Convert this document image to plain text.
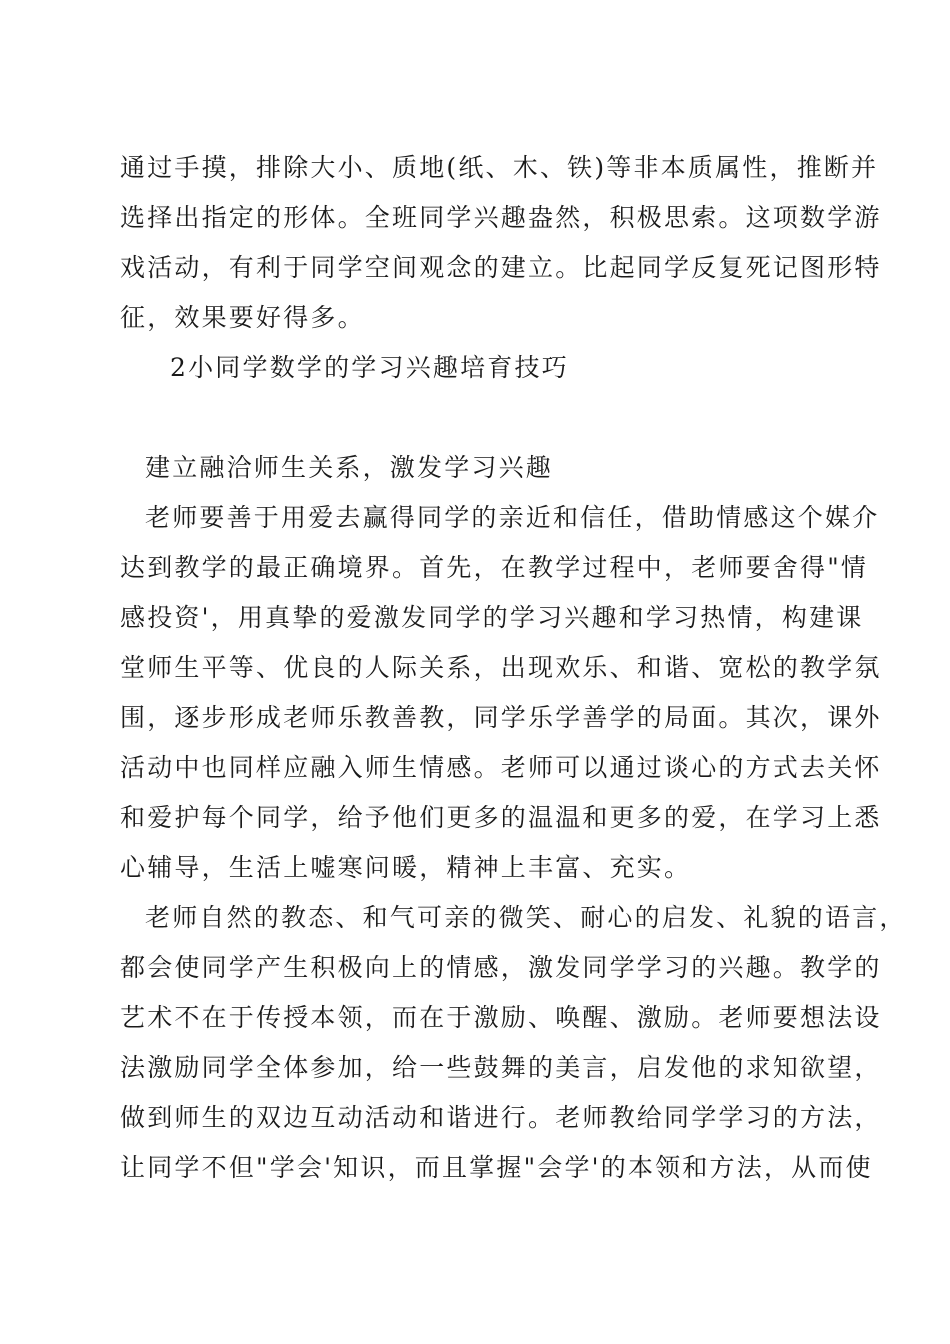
通过手摸，排除大小、质地(纸、木、铁)等非本质属性，推断并
选择出指定的形体。全班同学兴趣盎然，积极思索。这项数学游
戏活动，有利于同学空间观念的建立。比起同学反复死记图形特
征，效果要好得多。
2小同学数学的学习兴趣培育技巧
建立融洽师生关系，激发学习兴趣
老师要善于用爱去赢得同学的亲近和信任，借助情感这个媒介
达到教学的最正确境界。首先，在教学过程中，老师要舍得"情
感投资'，用真挚的爱激发同学的学习兴趣和学习热情，构建课
堂师生平等、优良的人际关系，出现欢乐、和谐、宽松的教学氛
围，逐步形成老师乐教善教，同学乐学善学的局面。其次，课外
活动中也同样应融入师生情感。老师可以通过谈心的方式去关怀
和爱护每个同学，给予他们更多的温温和更多的爱，在学习上悉
心辅导，生活上嘘寒问暖，精神上丰富、充实。
老师自然的教态、和气可亲的微笑、耐心的启发、礼貌的语言，
都会使同学产生积极向上的情感，激发同学学习的兴趣。教学的
艺术不在于传授本领，而在于激励、唤醒、激励。老师要想法设
法激励同学全体参加，给一些鼓舞的美言，启发他的求知欲望，
做到师生的双边互动活动和谐进行。老师教给同学学习的方法，
让同学不但"学会'知识，而且掌握"会学'的本领和方法，从而使
